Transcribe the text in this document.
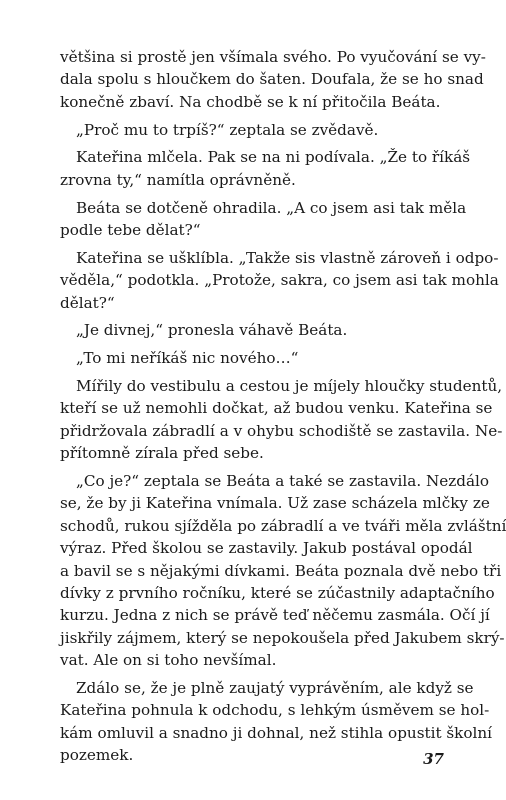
většina si prostě jen všímala svého. Po vyučování se vy-
dala spolu s hloučkem do šaten. Doufala, že se ho snad
konečně zbaví. Na chodbě se k ní přitočila Beáta.
„Proč mu to trpíš?“ zeptala se zvědavě.
Kateřina mlčela. Pak se na ni podívala. „Že to říkáš
zrovna ty,“ namítla oprávněně.
Beáta se dotčeně ohradila. „A co jsem asi tak měla
podle tebe dělat?“
Kateřina se ušklíbla. „Takže sis vlastně zároveň i odpo-
věděla,“ podotkla. „Protože, sakra, co jsem asi tak mohla
dělat?“
„Je divnej,“ pronesla váhavě Beáta.
„To mi neříkáš nic nového…“
Mířily do vestibulu a cestou je míjely hloučky studentů,
kteří se už nemohli dočkat, až budou venku. Kateřina se
přidržovala zábradlí a v ohybu schodiště se zastavila. Ne-
přítomně zírala před sebe.
„Co je?“ zeptala se Beáta a také se zastavila. Nezdálo
se, že by ji Kateřina vnímala. Už zase scházela mlčky ze
schodů, rukou sjížděla po zábradlí a ve tváři měla zvláštní
výraz. Před školou se zastavily. Jakub postával opodál
a bavil se s nějakými dívkami. Beáta poznala dvě nebo tři
dívky z prvního ročníku, které se zúčastnily adaptačního
kurzu. Jedna z nich se právě teď něčemu zasmála. Očí jí
jiskřily zájmem, který se nepokoušela před Jakubem skrý-
vat. Ale on si toho nevšímal.
Zdálo se, že je plně zaujatý vyprávěním, ale když se
Kateřina pohnula k odchodu, s lehkým úsměvem se hol-
kám omluvil a snadno ji dohnal, než stihla opustit školní
pozemek.	37
